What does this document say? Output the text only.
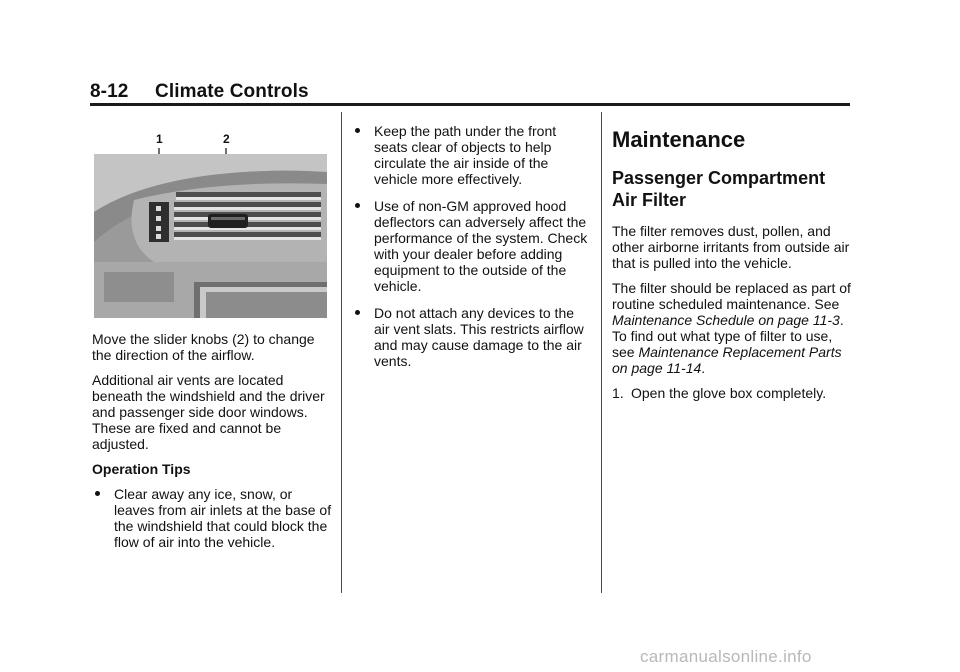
8-12 Climate Controls
1	2

Move the slider knobs (2) to change the direction of the airflow.

Additional air vents are located beneath the windshield and the driver and passenger side door windows. These are fixed and cannot be adjusted.

Operation Tips

Clear away any ice, snow, or leaves from air inlets at the base of the windshield that could block the flow of air into the vehicle.
Keep the path under the front seats clear of objects to help circulate the air inside of the vehicle more effectively.
Use of non-GM approved hood deflectors can adversely affect the performance of the system. Check with your dealer before adding equipment to the outside of the vehicle.
Do not attach any devices to the air vent slats. This restricts airflow and may cause damage to the air vents.
Maintenance
Passenger Compartment Air Filter

The filter removes dust, pollen, and other airborne irritants from outside air that is pulled into the vehicle.

The filter should be replaced as part of routine scheduled maintenance. See Maintenance Schedule on page 11-3. To find out what type of filter to use, see Maintenance Replacement Parts on page 11-14.

1. Open the glove box completely.

carmanualsonline.info
